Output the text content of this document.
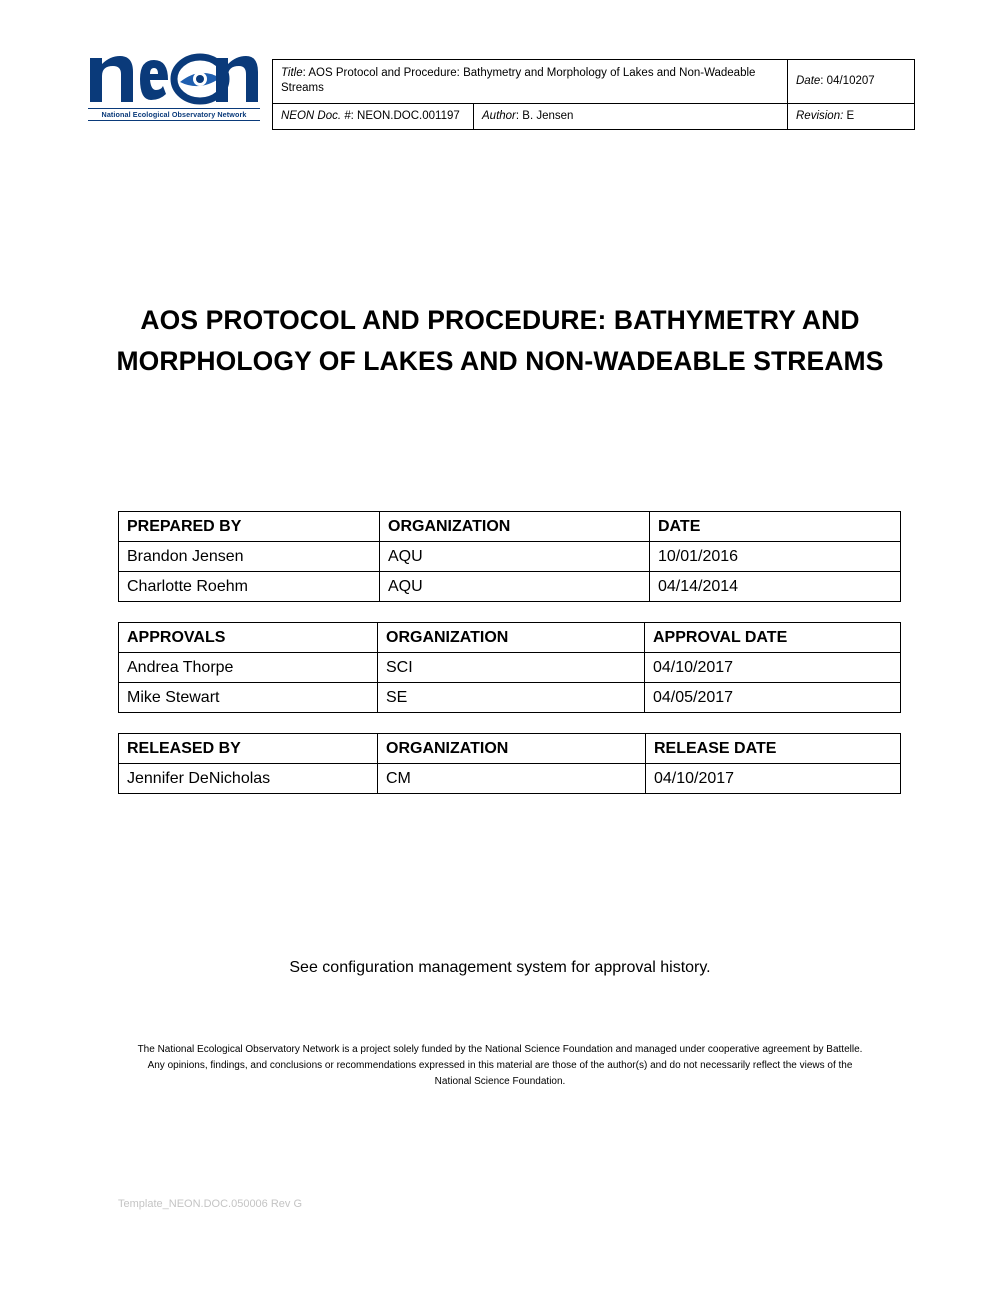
National Ecological Observatory Network
Title: AOS Protocol and Procedure: Bathymetry and Morphology of Lakes and Non-Wadeable Streams		Date: 04/10207
NEON Doc. #: NEON.DOC.001197	Author: B. Jensen	Revision: E
AOS PROTOCOL AND PROCEDURE: BATHYMETRY AND
MORPHOLOGY OF LAKES AND NON-WADEABLE STREAMS
PREPARED BY	ORGANIZATION	DATE
Brandon Jensen	AQU	10/01/2016
Charlotte Roehm	AQU	04/14/2014
APPROVALS	ORGANIZATION	APPROVAL DATE
Andrea Thorpe	SCI	04/10/2017
Mike Stewart	SE	04/05/2017
RELEASED BY	ORGANIZATION	RELEASE DATE
Jennifer DeNicholas	CM	04/10/2017
See configuration management system for approval history.
The National Ecological Observatory Network is a project solely funded by the National Science Foundation and managed under cooperative agreement by Battelle.
Any opinions, findings, and conclusions or recommendations expressed in this material are those of the author(s) and do not necessarily reflect the views of the
National Science Foundation.
Template_NEON.DOC.050006 Rev G
